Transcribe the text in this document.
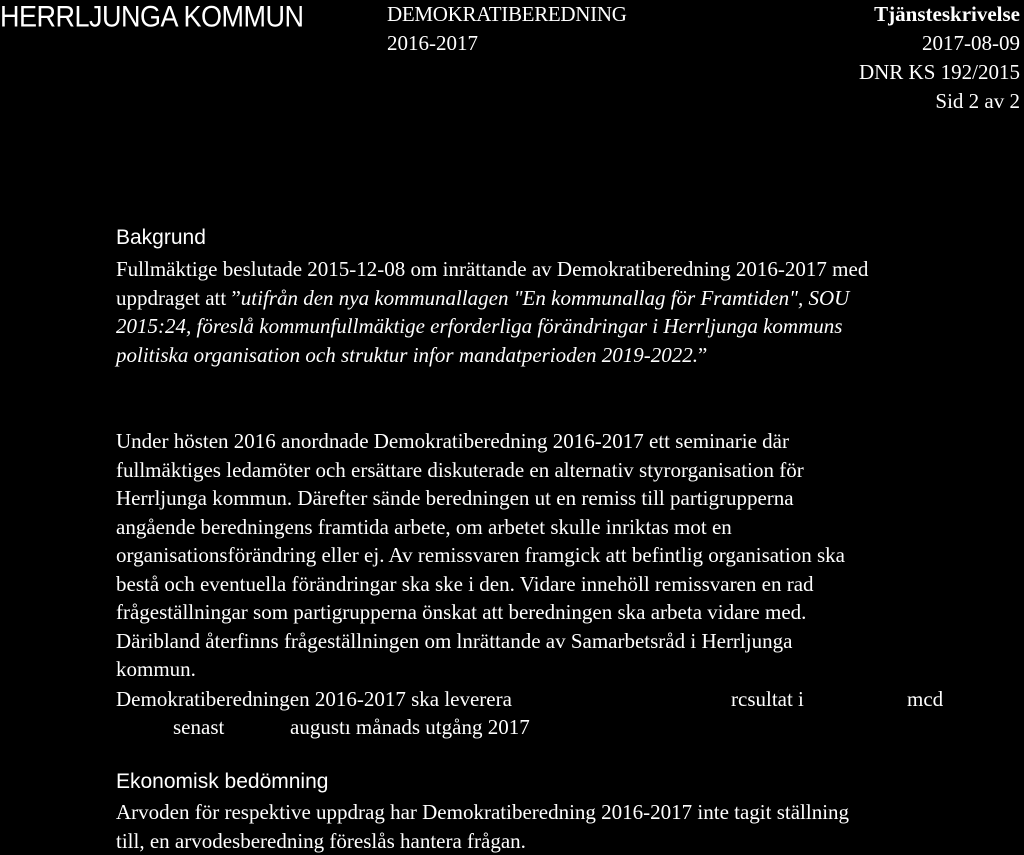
HERRLJUNGA KOMMUN	DEMOKRATIBEREDNING
2016-2017
Tjänsteskrivelse
2017-08-09
DNR KS 192/2015
Sid 2 av 2
Bakgrund
Fullmäktige beslutade 2015-12-08 om inrättande av Demokratiberedning 2016-2017 med
uppdraget att ”utifrån den nya kommunallagen "En kommunallag för Framtiden", SOU
2015:24, föreslå kommunfullmäktige erforderliga förändringar i Herrljunga kommuns
politiska organisation och struktur infor mandatperioden 2019-2022.”
Under hösten 2016 anordnade Demokratiberedning 2016-2017 ett seminarie där
fullmäktiges ledamöter och ersättare diskuterade en alternativ styrorganisation för
Herrljunga kommun. Därefter sände beredningen ut en remiss till partigrupperna
angående beredningens framtida arbete, om arbetet skulle inriktas mot en
organisationsförändring eller ej. Av remissvaren framgick att befintlig organisation ska
bestå och eventuella förändringar ska ske i den. Vidare innehöll remissvaren en rad
frågeställningar som partigrupperna önskat att beredningen ska arbeta vidare med.
Däribland återfinns frågeställningen om lnrättande av Samarbetsråd i Herrljunga
kommun.
Demokratiberedningen 2016-2017 ska leverera	rcsultat i	mcd
senast	augustı månads utgång 2017
Ekonomisk bedömning
Arvoden för respektive uppdrag har Demokratiberedning 2016-2017 inte tagit ställning
till, en arvodesberedning föreslås hantera frågan.
